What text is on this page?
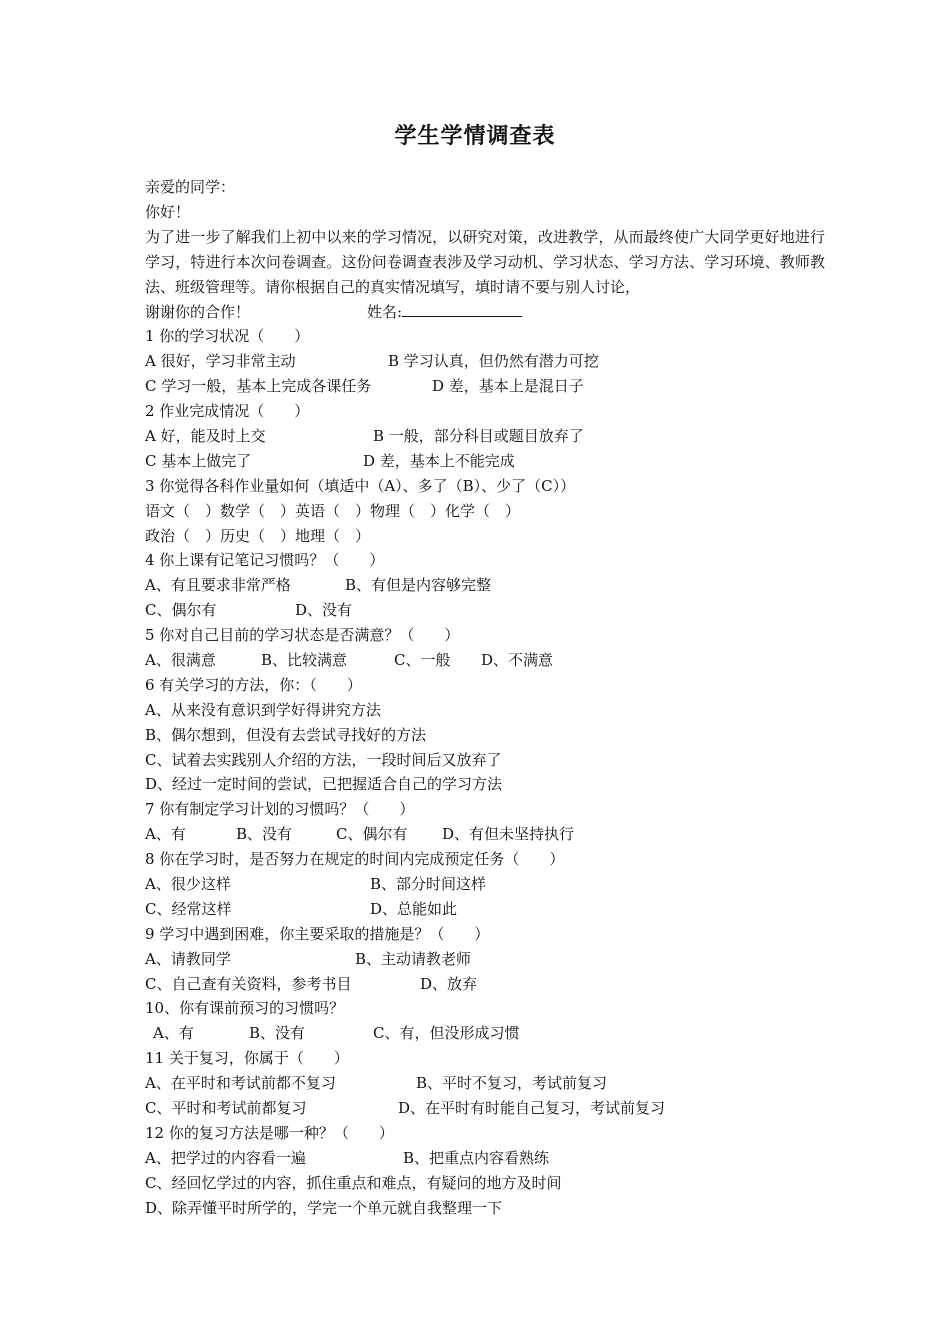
学生学情调查表
亲爱的同学：
你好！
为了进一步了解我们上初中以来的学习情况，以研究对策，改进教学，从而最终使广大同学更好地进行学习，特进行本次问卷调查。这份问卷调查表涉及学习动机、学习状态、学习方法、学习环境、教师教法、班级管理等。请你根据自己的真实情况填写，填时请不要与别人讨论，
谢谢你的合作！	姓名:
1 你的学习状况（　　）
A 很好，学习非常主动	B 学习认真，但仍然有潜力可挖
C 学习一般，基本上完成各课任务	D 差，基本上是混日子
2 作业完成情况（　　）
A 好，能及时上交	B 一般，部分科目或题目放弃了
C 基本上做完了	D 差，基本上不能完成
3 你觉得各科作业量如何（填适中（A）、多了（B）、少了（C））
语文（　）数学（　）英语（　）物理（　）化学（　）
政治（　）历史（　）地理（　）
4 你上课有记笔记习惯吗？（　　）
A、有且要求非常严格	B、有但是内容够完整
C、偶尔有	D、没有
5 你对自己目前的学习状态是否满意？（　　）
A、很满意	B、比较满意	C、一般	D、不满意
6 有关学习的方法，你：（　　）
A、从来没有意识到学好得讲究方法
B、偶尔想到，但没有去尝试寻找好的方法
C、试着去实践别人介绍的方法，一段时间后又放弃了
D、经过一定时间的尝试，已把握适合自己的学习方法
7 你有制定学习计划的习惯吗？（　　）
A、有	B、没有	C、偶尔有	D、有但未坚持执行
8 你在学习时，是否努力在规定的时间内完成预定任务（　　）
A、很少这样	B、部分时间这样
C、经常这样	D、总能如此
9 学习中遇到困难，你主要采取的措施是？（　　）
A、请教同学	B、主动请教老师
C、自己查有关资料，参考书目	D、放弃
10、你有课前预习的习惯吗？
A、有	B、没有	C、有，但没形成习惯
11 关于复习，你属于（　　）
A、在平时和考试前都不复习	B、平时不复习，考试前复习
C、平时和考试前都复习	D、在平时有时能自己复习，考试前复习
12 你的复习方法是哪一种？（　　）
A、把学过的内容看一遍	B、把重点内容看熟练
C、经回忆学过的内容，抓住重点和难点，有疑问的地方及时间
D、除弄懂平时所学的，学完一个单元就自我整理一下
